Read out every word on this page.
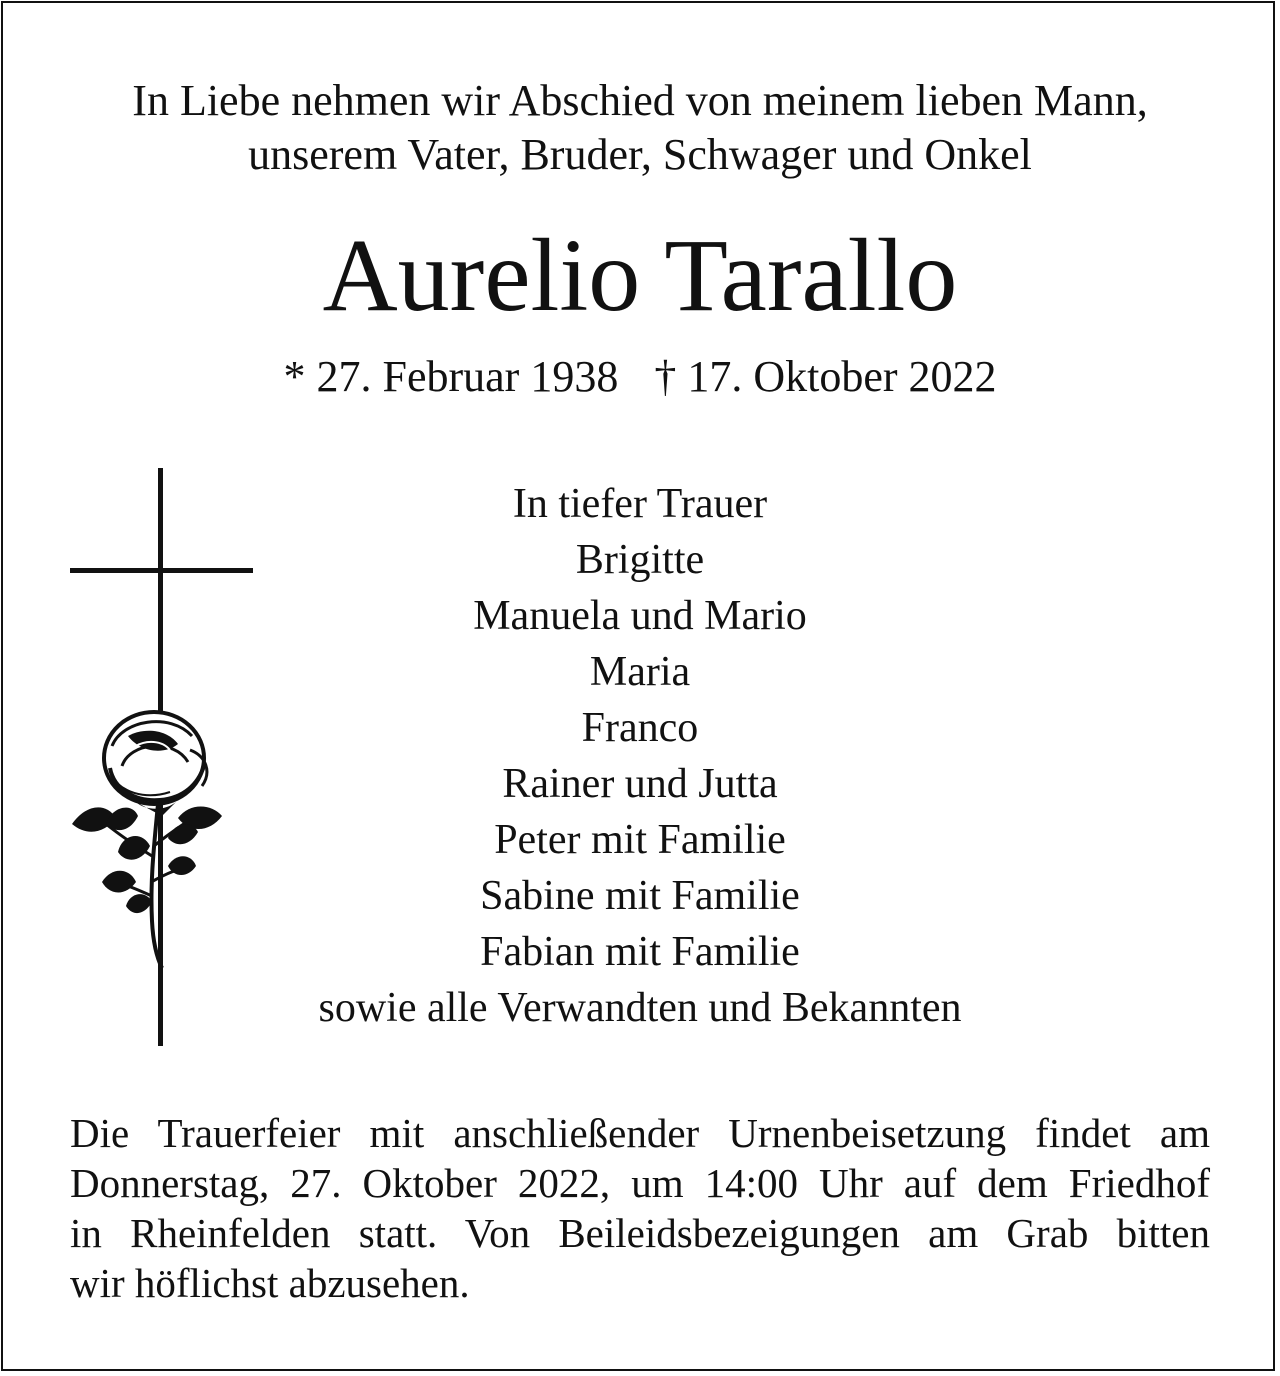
In Liebe nehmen wir Abschied von meinem lieben Mann,
unserem Vater, Bruder, Schwager und Onkel
Aurelio Tarallo
* 27. Februar 1938 † 17. Oktober 2022
In tiefer Trauer
Brigitte
Manuela und Mario
Maria
Franco
Rainer und Jutta
Peter mit Familie
Sabine mit Familie
Fabian mit Familie
sowie alle Verwandten und Bekannten
Die Trauerfeier mit anschließender Urnenbeisetzung findet am
Donnerstag, 27. Oktober 2022, um 14:00 Uhr auf dem Friedhof
in Rheinfelden statt. Von Beileidsbezeigungen am Grab bitten
wir höflichst abzusehen.
